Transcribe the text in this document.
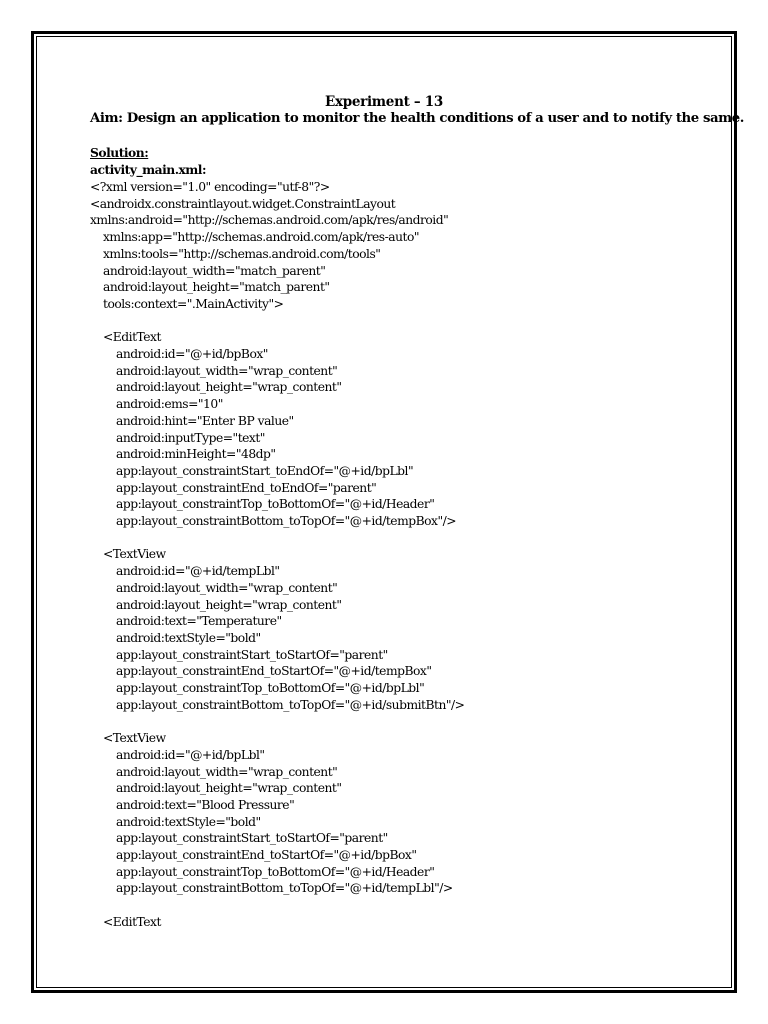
Experiment – 13
Aim: Design an application to monitor the health conditions of a user and to notify the same.
Solution:
activity_main.xml:
<?xml version="1.0" encoding="utf-8"?>
<androidx.constraintlayout.widget.ConstraintLayout
xmlns:android="http://schemas.android.com/apk/res/android"
xmlns:app="http://schemas.android.com/apk/res-auto"
xmlns:tools="http://schemas.android.com/tools"
android:layout_width="match_parent"
android:layout_height="match_parent"
tools:context=".MainActivity">
<EditText
android:id="@+id/bpBox"
android:layout_width="wrap_content"
android:layout_height="wrap_content"
android:ems="10"
android:hint="Enter BP value"
android:inputType="text"
android:minHeight="48dp"
app:layout_constraintStart_toEndOf="@+id/bpLbl"
app:layout_constraintEnd_toEndOf="parent"
app:layout_constraintTop_toBottomOf="@+id/Header"
app:layout_constraintBottom_toTopOf="@+id/tempBox"/>
<TextView
android:id="@+id/tempLbl"
android:layout_width="wrap_content"
android:layout_height="wrap_content"
android:text="Temperature"
android:textStyle="bold"
app:layout_constraintStart_toStartOf="parent"
app:layout_constraintEnd_toStartOf="@+id/tempBox"
app:layout_constraintTop_toBottomOf="@+id/bpLbl"
app:layout_constraintBottom_toTopOf="@+id/submitBtn"/>
<TextView
android:id="@+id/bpLbl"
android:layout_width="wrap_content"
android:layout_height="wrap_content"
android:text="Blood Pressure"
android:textStyle="bold"
app:layout_constraintStart_toStartOf="parent"
app:layout_constraintEnd_toStartOf="@+id/bpBox"
app:layout_constraintTop_toBottomOf="@+id/Header"
app:layout_constraintBottom_toTopOf="@+id/tempLbl"/>
<EditText
